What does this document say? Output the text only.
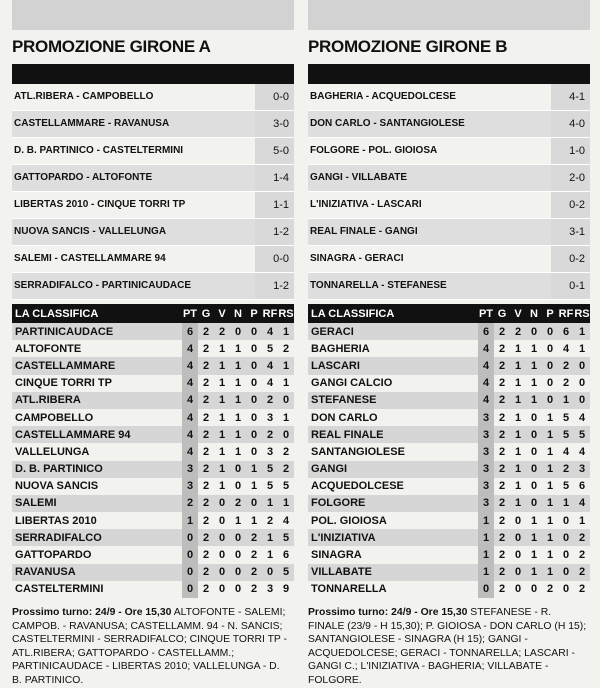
PROMOZIONE GIRONE A
ATL.RIBERA - CAMPOBELLO	0-0
CASTELLAMMARE - RAVANUSA	3-0
D. B. PARTINICO - CASTELTERMINI	5-0
GATTOPARDO - ALTOFONTE	1-4
LIBERTAS 2010 - CINQUE TORRI TP	1-1
NUOVA SANCIS - VALLELUNGA	1-2
SALEMI - CASTELLAMMARE 94	0-0
SERRADIFALCO - PARTINICAUDACE	1-2
LA CLASSIFICA	PT	G	V	N	P	RF	RS
PARTINICAUDACE	6	2	2	0	0	4	1
ALTOFONTE	4	2	1	1	0	5	2
CASTELLAMMARE	4	2	1	1	0	4	1
CINQUE TORRI TP	4	2	1	1	0	4	1
ATL.RIBERA	4	2	1	1	0	2	0
CAMPOBELLO	4	2	1	1	0	3	1
CASTELLAMMARE 94	4	2	1	1	0	2	0
VALLELUNGA	4	2	1	1	0	3	2
D. B. PARTINICO	3	2	1	0	1	5	2
NUOVA SANCIS	3	2	1	0	1	5	5
SALEMI	2	2	0	2	0	1	1
LIBERTAS 2010	1	2	0	1	1	2	4
SERRADIFALCO	0	2	0	0	2	1	5
GATTOPARDO	0	2	0	0	2	1	6
RAVANUSA	0	2	0	0	2	0	5
CASTELTERMINI	0	2	0	0	2	3	9
Prossimo turno: 24/9 - Ore 15,30 ALTOFONTE - SALEMI; CAMPOB. - RAVANUSA; CASTELLAMM. 94 - N. SANCIS; CASTELTERMINI - SERRADIFALCO; CINQUE TORRI TP - ATL.RIBERA; GATTOPARDO - CASTELLAMM.; PARTINICAUDACE - LIBERTAS 2010; VALLELUNGA - D. B. PARTINICO.
PROMOZIONE GIRONE B
BAGHERIA - ACQUEDOLCESE	4-1
DON CARLO - SANTANGIOLESE	4-0
FOLGORE - POL. GIOIOSA	1-0
GANGI - VILLABATE	2-0
L'INIZIATIVA - LASCARI	0-2
REAL FINALE - GANGI	3-1
SINAGRA - GERACI	0-2
TONNARELLA - STEFANESE	0-1
LA CLASSIFICA	PT	G	V	N	P	RF	RS
GERACI	6	2	2	0	0	6	1
BAGHERIA	4	2	1	1	0	4	1
LASCARI	4	2	1	1	0	2	0
GANGI CALCIO	4	2	1	1	0	2	0
STEFANESE	4	2	1	1	0	1	0
DON CARLO	3	2	1	0	1	5	4
REAL FINALE	3	2	1	0	1	5	5
SANTANGIOLESE	3	2	1	0	1	4	4
GANGI	3	2	1	0	1	2	3
ACQUEDOLCESE	3	2	1	0	1	5	6
FOLGORE	3	2	1	0	1	1	4
POL. GIOIOSA	1	2	0	1	1	0	1
L'INIZIATIVA	1	2	0	1	1	0	2
SINAGRA	1	2	0	1	1	0	2
VILLABATE	1	2	0	1	1	0	2
TONNARELLA	0	2	0	0	2	0	2
Prossimo turno: 24/9 - Ore 15,30 STEFANESE - R. FINALE (23/9 - H 15,30); P. GIOIOSA - DON CARLO (H 15); SANTANGIOLESE - SINAGRA (H 15); GANGI - ACQUEDOLCESE; GERACI - TONNARELLA; LASCARI - GANGI C.; L'INIZIATIVA - BAGHERIA; VILLABATE - FOLGORE.
